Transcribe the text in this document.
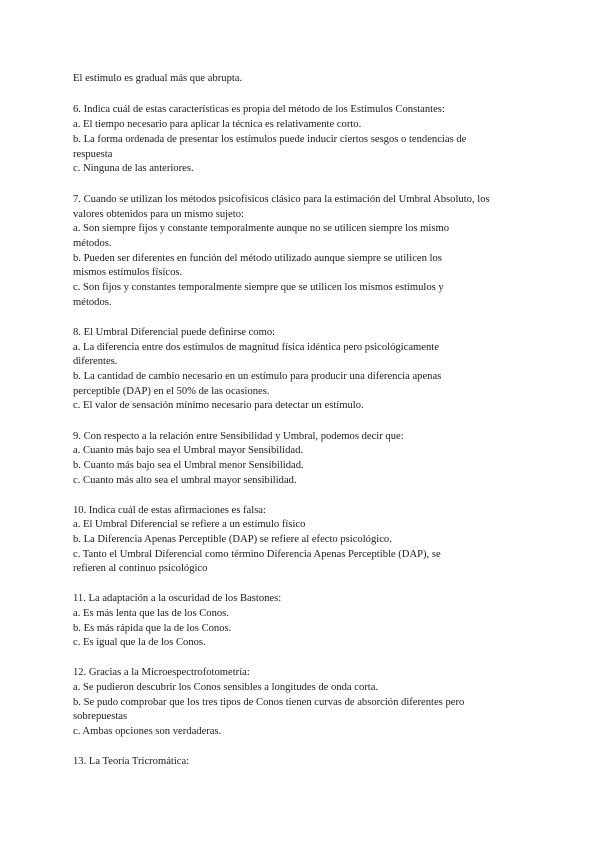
El estimulo es gradual más que abrupta.
6. Indica cuál de estas características es propia del método de los Estímulos Constantes:
a. El tiempo necesario para aplicar la técnica es relativamente corto.
b. La forma ordenada de presentar los estímulos puede inducir ciertos sesgos o tendencias de
respuesta
c. Ninguna de las anteriores.
7. Cuando se utilizan los métodos psicofísicos clásico para la estimación del Umbral Absoluto, los
valores obtenidos para un mismo sujeto:
a. Son siempre fijos y constante temporalmente aunque no se utilicen siempre los mismo
métodos.
b. Pueden ser diferentes en función del método utilizado aunque siempre se utilicen los
mismos estímulos físicos.
c. Son fijos y constantes temporalmente siempre que se utilicen los mismos estímulos y
métodos.
8. El Umbral Diferencial puede definirse como:
a. La diferencia entre dos estímulos de magnitud física idéntica pero psicológicamente
diferentes.
b. La cantidad de cambio necesario en un estímulo para producir una diferencia apenas
perceptible (DAP) en el 50% de las ocasiones.
c. El valor de sensación mínimo necesario para detectar un estímulo.
9. Con respecto a la relación entre Sensibilidad y Umbral, podemos decir que:
a. Cuanto más bajo sea el Umbral mayor Sensibilidad.
b. Cuanto más bajo sea el Umbral menor Sensibilidad.
c. Cuanto más alto sea el umbral mayor sensibilidad.
10. Indica cuál de estas afirmaciones es falsa:
a. El Umbral Diferencial se refiere a un estímulo físico
b. La Diferencia Apenas Perceptible (DAP) se refiere al efecto psicológico.
c. Tanto el Umbral Diferencial como término Diferencia Apenas Perceptible (DAP), se
refieren al continuo psicológico
11. La adaptación a la oscuridad de los Bastones:
a. Es más lenta que las de los Conos.
b. Es más rápida que la de los Conos.
c. Es igual que la de los Conos.
12. Gracias a la Microespectrofotometría:
a. Se pudieron descubrir los Conos sensibles a longitudes de onda corta.
b. Se pudo comprobar que los tres tipos de Conos tienen curvas de absorción diferentes pero
sobrepuestas
c. Ambas opciones son verdaderas.
13. La Teoría Tricromática:
